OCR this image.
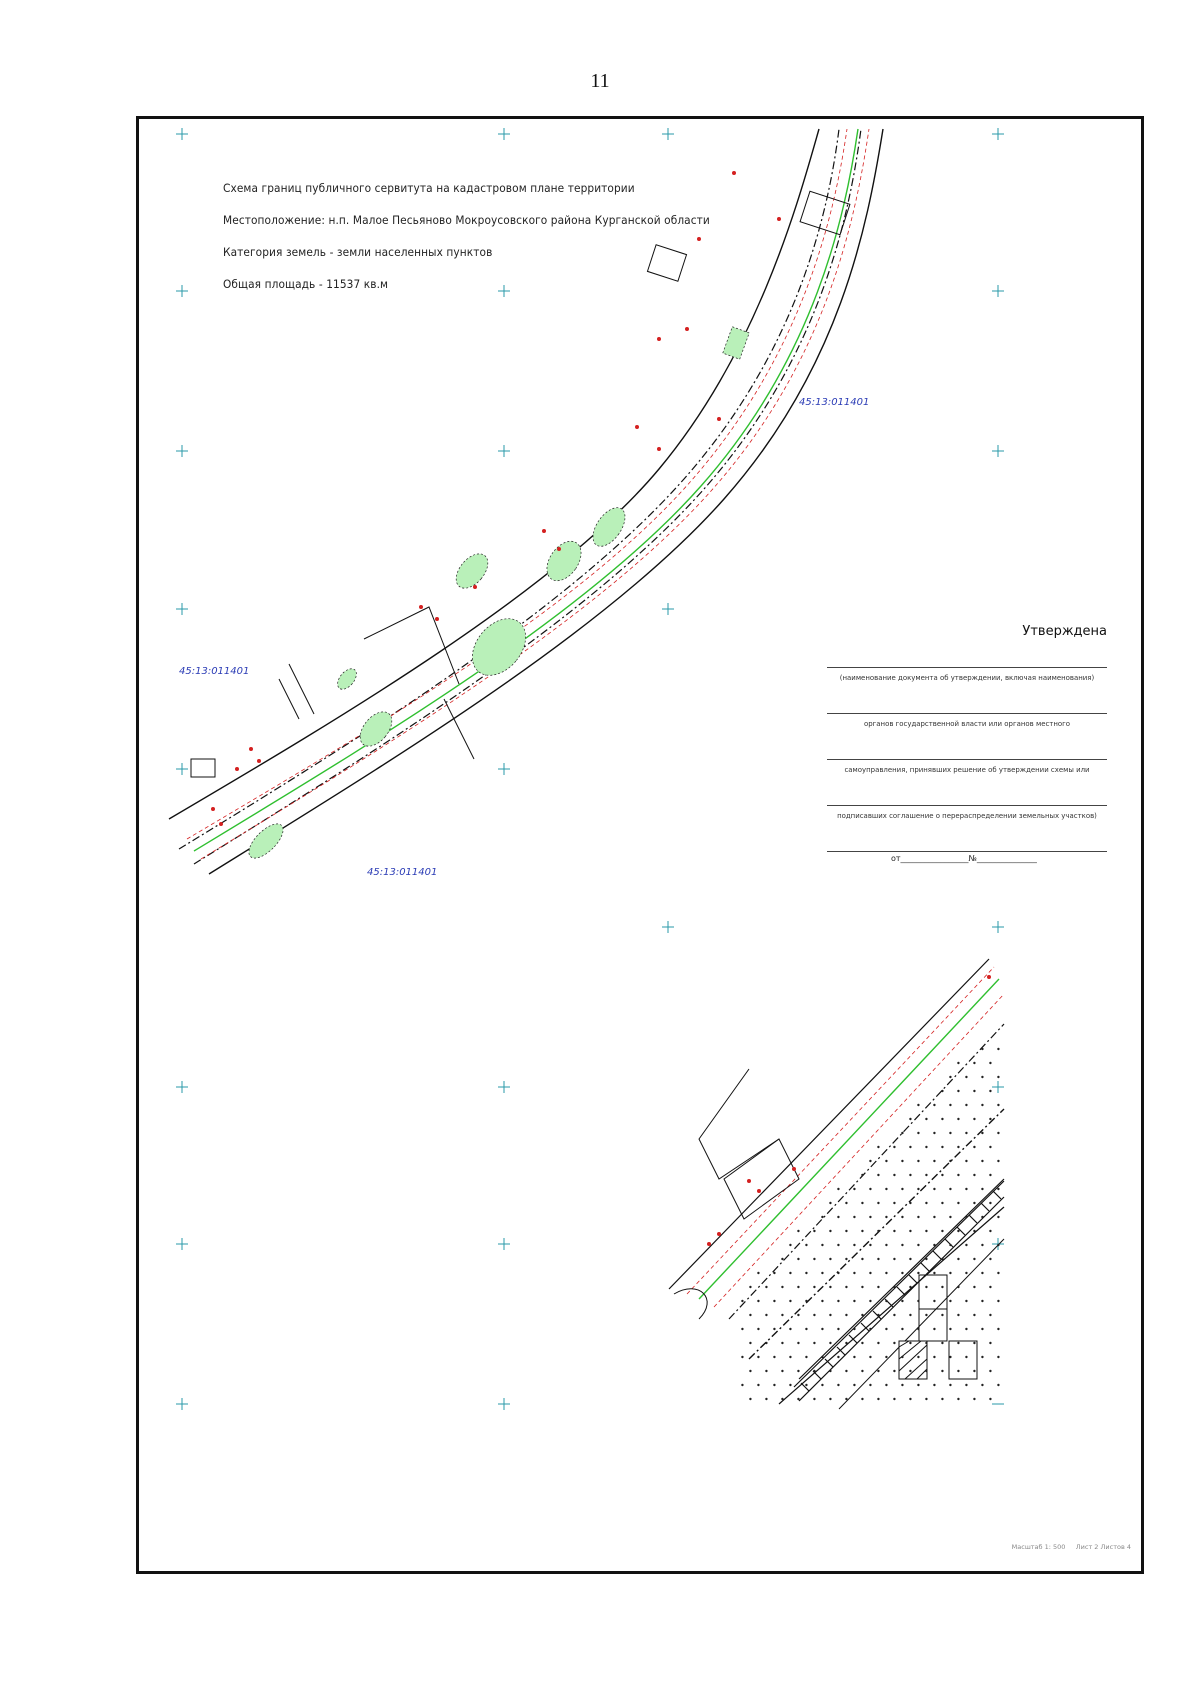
11
Схема границ публичного сервитута на кадастровом плане территории
Местоположение: н.п. Малое Песьяново Мокроусовского района Курганской области
Категория земель - земли населенных пунктов
Общая площадь - 11537 кв.м
45:13:011401
45:13:011401
45:13:011401
Утверждена
(наименование документа об утверждении, включая наименования)
органов государственной власти или органов местного
самоуправления, принявших решение об утверждении схемы или
подписавших соглашение о перераспределении земельных участков)
от_________________№_______________
Масштаб 1: 500 Лист 2 Листов 4
